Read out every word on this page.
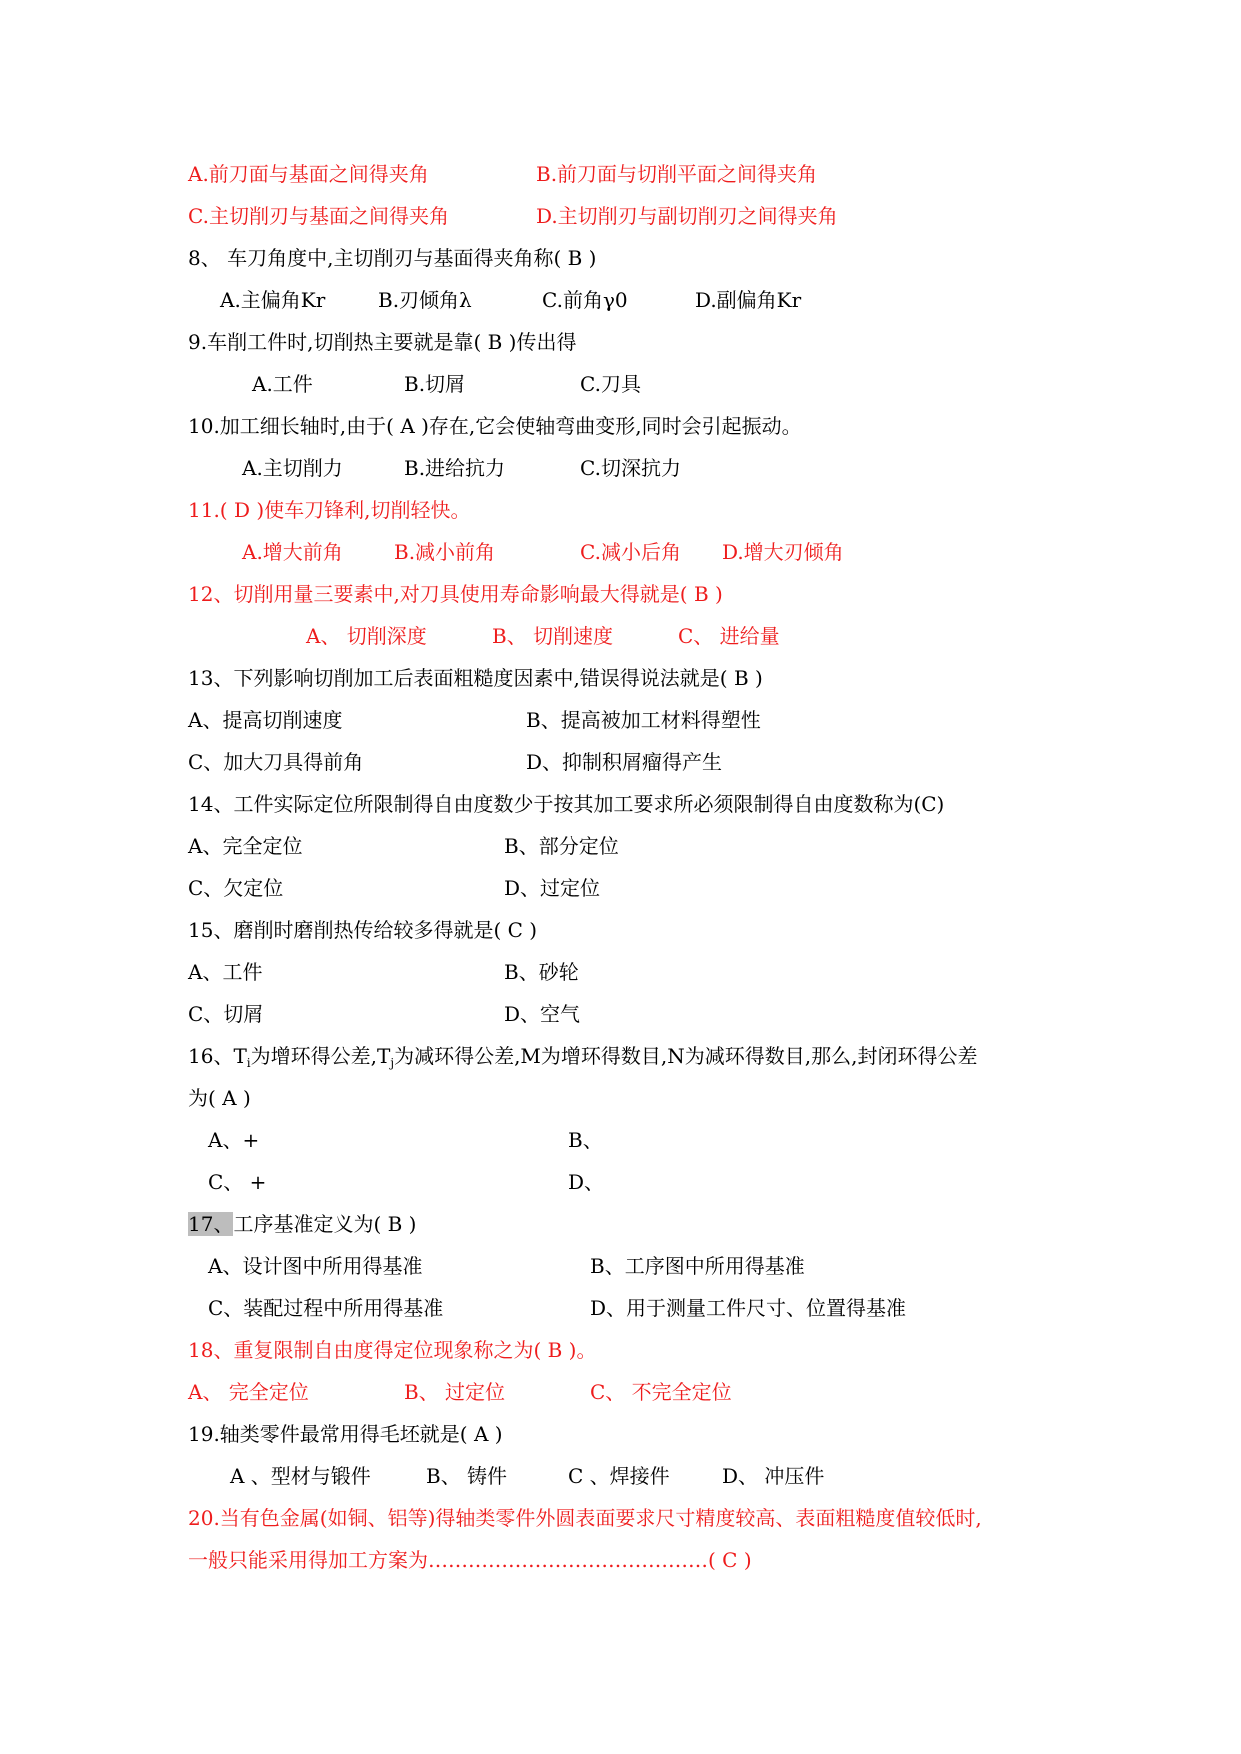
A.前刀面与基面之间得夹角	B.前刀面与切削平面之间得夹角
C.主切削刃与基面之间得夹角	D.主切削刃与副切削刃之间得夹角
8、 车刀角度中,主切削刃与基面得夹角称( B )
A.主偏角Kr	B.刃倾角λ	C.前角γ0	D.副偏角Kr
9.车削工件时,切削热主要就是靠( B )传出得
A.工件	B.切屑	C.刀具
10.加工细长轴时,由于( A )存在,它会使轴弯曲变形,同时会引起振动。
A.主切削力	B.进给抗力	C.切深抗力
11.( D )使车刀锋利,切削轻快。
A.增大前角	B.减小前角	C.减小后角 D.增大刃倾角
12、切削用量三要素中,对刀具使用寿命影响最大得就是( B )
A、 切削深度	B、 切削速度	C、 进给量
13、下列影响切削加工后表面粗糙度因素中,错误得说法就是( B )
A、提高切削速度	B、提高被加工材料得塑性
C、加大刀具得前角	D、抑制积屑瘤得产生
14、工件实际定位所限制得自由度数少于按其加工要求所必须限制得自由度数称为(C)
A、完全定位	B、部分定位
C、欠定位	D、过定位
15、磨削时磨削热传给较多得就是( C )
A、工件	B、砂轮
C、切屑	D、空气
16、$T_i$为增环得公差$,T_j$为减环得公差,M为增环得数目,N为减环得数目,那么,封闭环得公差
为( A )
A、+	B、
C、 +	D、
17、工序基准定义为( B )
A、设计图中所用得基准	B、工序图中所用得基准
C、装配过程中所用得基准	D、用于测量工件尺寸、位置得基准
18、重复限制自由度得定位现象称之为( B )。
A、 完全定位	B、 过定位	C、 不完全定位
19.轴类零件最常用得毛坯就是( A )
A 、型材与锻件	B、 铸件	C 、焊接件	D、 冲压件
20.当有色金属(如铜、铝等)得轴类零件外圆表面要求尺寸精度较高、表面粗糙度值较低时,
一般只能采用得加工方案为……………………………………( C )
